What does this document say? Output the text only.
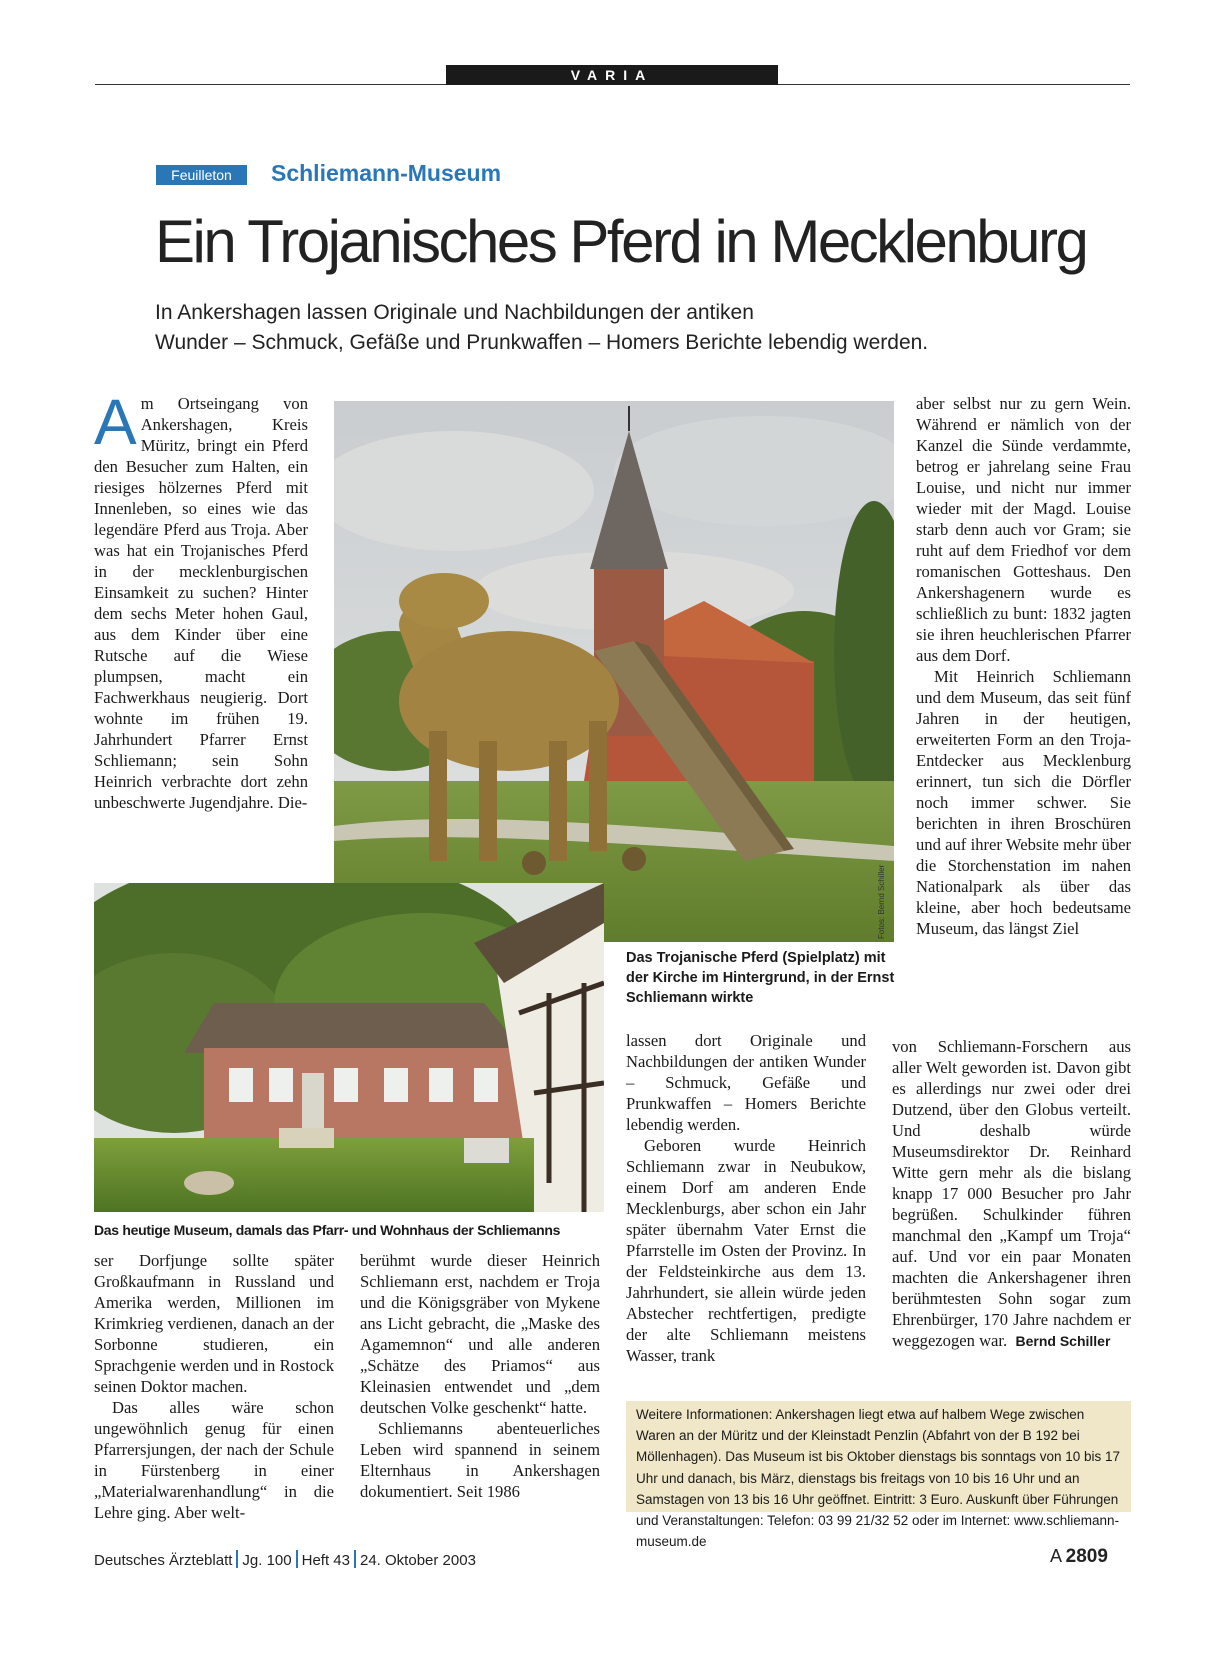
VARIA
Feuilleton	Schliemann-Museum
Ein Trojanisches Pferd in Mecklenburg
In Ankershagen lassen Originale und Nachbildungen der antiken
Wunder – Schmuck, Gefäße und Prunkwaffen – Homers Berichte lebendig werden.
A m Ortseingang von Ankershagen, Kreis Müritz, bringt ein Pferd den Besucher zum Halten, ein riesiges hölzernes Pferd mit Innenleben, so eines wie das legendäre Pferd aus Troja. Aber was hat ein Trojanisches Pferd in der mecklenburgischen Einsamkeit zu suchen? Hinter dem sechs Meter hohen Gaul, aus dem Kinder über eine Rutsche auf die Wiese plumpsen, macht ein Fachwerkhaus neugierig. Dort wohnte im frühen 19. Jahrhundert Pfarrer Ernst Schliemann; sein Sohn Heinrich verbrachte dort zehn unbeschwerte Jugendjahre. Die-
Fotos: Bernd Schiller
Das Trojanische Pferd (Spielplatz) mit der Kirche im Hintergrund, in der Ernst Schliemann wirkte
Das heutige Museum, damals das Pfarr- und Wohnhaus der Schliemanns

aber selbst nur zu gern Wein. Während er nämlich von der Kanzel die Sünde verdammte, betrog er jahrelang seine Frau Louise, und nicht nur immer wieder mit der Magd. Louise starb denn auch vor Gram; sie ruht auf dem Friedhof vor dem romanischen Gotteshaus. Den Ankershagenern wurde es schließlich zu bunt: 1832 jagten sie ihren heuchlerischen Pfarrer aus dem Dorf.

Mit Heinrich Schliemann und dem Museum, das seit fünf Jahren in der heutigen, erweiterten Form an den Troja-Entdecker aus Mecklenburg erinnert, tun sich die Dörfler noch immer schwer. Sie berichten in ihren Broschüren und auf ihrer Website mehr über die Storchenstation im nahen Nationalpark als über das kleine, aber hoch bedeutsame Museum, das längst Ziel

von Schliemann-Forschern aus aller Welt geworden ist. Davon gibt es allerdings nur zwei oder drei Dutzend, über den Globus verteilt. Und deshalb würde Museumsdirektor Dr. Reinhard Witte gern mehr als die bislang knapp 17 000 Besucher pro Jahr begrüßen. Schulkinder führen manchmal den „Kampf um Troja“ auf. Und vor ein paar Monaten machten die Ankershagener ihren berühmtesten Sohn sogar zum Ehrenbürger, 170 Jahre nachdem er weggezogen war. Bernd Schiller

lassen dort Originale und Nachbildungen der antiken Wunder – Schmuck, Gefäße und Prunkwaffen – Homers Berichte lebendig werden.

Geboren wurde Heinrich Schliemann zwar in Neubukow, einem Dorf am anderen Ende Mecklenburgs, aber schon ein Jahr später übernahm Vater Ernst die Pfarrstelle im Osten der Provinz. In der Feldsteinkirche aus dem 13. Jahrhundert, sie allein würde jeden Abstecher rechtfertigen, predigte der alte Schliemann meistens Wasser, trank

ser Dorfjunge sollte später Großkaufmann in Russland und Amerika werden, Millionen im Krimkrieg verdienen, danach an der Sorbonne studieren, ein Sprachgenie werden und in Rostock seinen Doktor machen.

Das alles wäre schon ungewöhnlich genug für einen Pfarrersjungen, der nach der Schule in Fürstenberg in einer „Materialwarenhandlung“ in die Lehre ging. Aber welt-

berühmt wurde dieser Heinrich Schliemann erst, nachdem er Troja und die Königsgräber von Mykene ans Licht gebracht, die „Maske des Agamemnon“ und alle anderen „Schätze des Priamos“ aus Kleinasien entwendet und „dem deutschen Volke geschenkt“ hatte.

Schliemanns abenteuerliches Leben wird spannend in seinem Elternhaus in Ankershagen dokumentiert. Seit 1986

Weitere Informationen: Ankershagen liegt etwa auf halbem Wege zwischen Waren an der Müritz und der Kleinstadt Penzlin (Abfahrt von der B 192 bei Möllenhagen). Das Museum ist bis Oktober dienstags bis sonntags von 10 bis 17 Uhr und danach, bis März, dienstags bis freitags von 10 bis 16 Uhr und an Samstagen von 13 bis 16 Uhr geöffnet. Eintritt: 3 Euro. Auskunft über Führungen und Veranstaltungen: Telefon: 03 99 21/32 52 oder im Internet: www.schliemann-museum.de
Deutsches Ärzteblatt Jg. 100 Heft 43 24. Oktober 2003	A  2809
